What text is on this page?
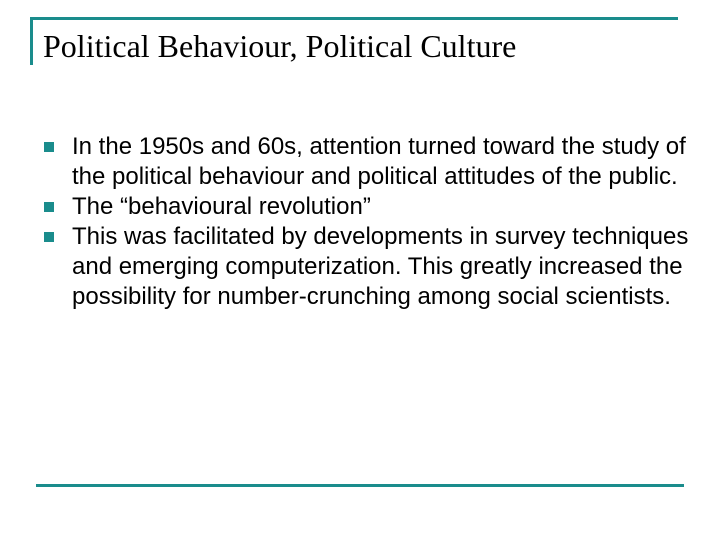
Political Behaviour, Political Culture
In the 1950s and 60s, attention turned toward the study of the political behaviour and political attitudes of the public.
The “behavioural revolution”
This was facilitated by developments in survey techniques and emerging computerization. This greatly increased the possibility for number-crunching among social scientists.
